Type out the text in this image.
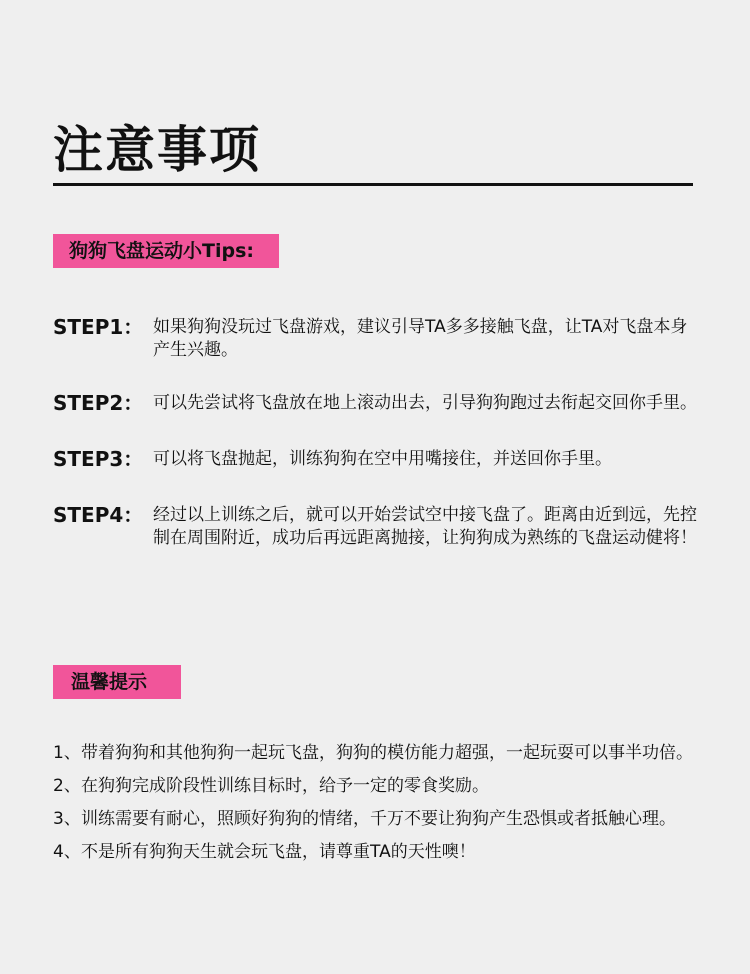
注意事项
狗狗飞盘运动小Tips:
STEP1： 如果狗狗没玩过飞盘游戏，建议引导TA多多接触飞盘，让TA对飞盘本身产生兴趣。

STEP2： 可以先尝试将飞盘放在地上滚动出去，引导狗狗跑过去衔起交回你手里。

STEP3： 可以将飞盘抛起，训练狗狗在空中用嘴接住，并送回你手里。

STEP4： 经过以上训练之后，就可以开始尝试空中接飞盘了。距离由近到远，先控制在周围附近，成功后再远距离抛接，让狗狗成为熟练的飞盘运动健将！

温馨提示
1、 带着狗狗和其他狗狗一起玩飞盘，狗狗的模仿能力超强，一起玩耍可以事半功倍。

2、 在狗狗完成阶段性训练目标时，给予一定的零食奖励。

3、 训练需要有耐心，照顾好狗狗的情绪，千万不要让狗狗产生恐惧或者抵触心理。

4、 不是所有狗狗天生就会玩飞盘，请尊重TA的天性噢！
